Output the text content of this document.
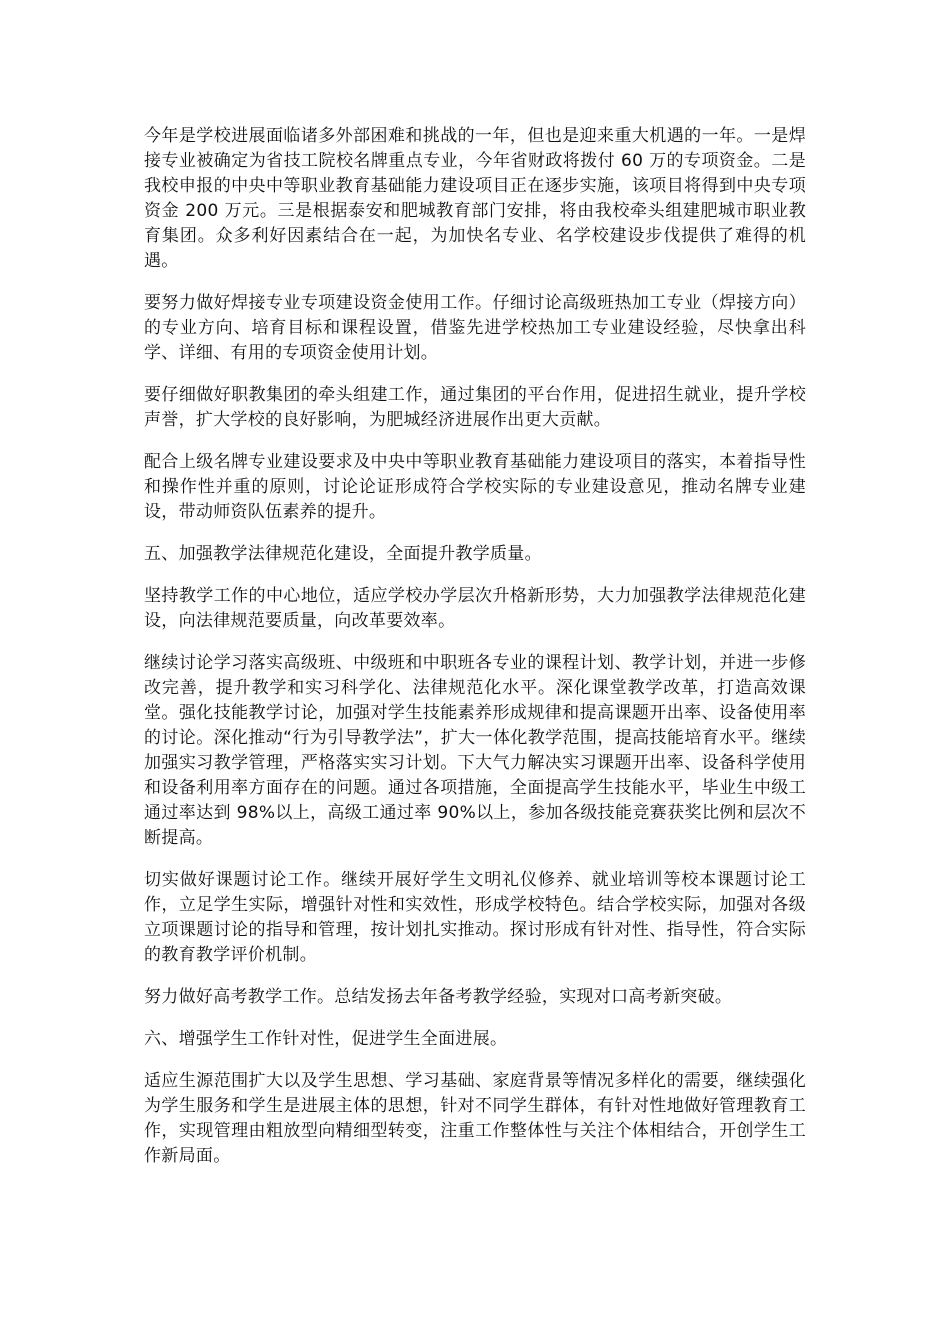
今年是学校进展面临诸多外部困难和挑战的一年，但也是迎来重大机遇的一年。一是焊接专业被确定为省技工院校名牌重点专业，今年省财政将拨付 60 万的专项资金。二是我校申报的中央中等职业教育基础能力建设项目正在逐步实施，该项目将得到中央专项资金 200 万元。三是根据泰安和肥城教育部门安排，将由我校牵头组建肥城市职业教育集团。众多利好因素结合在一起，为加快名专业、名学校建设步伐提供了难得的机遇。

要努力做好焊接专业专项建设资金使用工作。仔细讨论高级班热加工专业（焊接方向）的专业方向、培育目标和课程设置，借鉴先进学校热加工专业建设经验，尽快拿出科学、详细、有用的专项资金使用计划。

要仔细做好职教集团的牵头组建工作，通过集团的平台作用，促进招生就业，提升学校声誉，扩大学校的良好影响，为肥城经济进展作出更大贡献。

配合上级名牌专业建设要求及中央中等职业教育基础能力建设项目的落实，本着指导性和操作性并重的原则，讨论论证形成符合学校实际的专业建设意见，推动名牌专业建设，带动师资队伍素养的提升。

五、加强教学法律规范化建设，全面提升教学质量。

坚持教学工作的中心地位，适应学校办学层次升格新形势，大力加强教学法律规范化建设，向法律规范要质量，向改革要效率。

继续讨论学习落实高级班、中级班和中职班各专业的课程计划、教学计划，并进一步修改完善，提升教学和实习科学化、法律规范化水平。深化课堂教学改革，打造高效课堂。强化技能教学讨论，加强对学生技能素养形成规律和提高课题开出率、设备使用率的讨论。深化推动“行为引导教学法”，扩大一体化教学范围，提高技能培育水平。继续加强实习教学管理，严格落实实习计划。下大气力解决实习课题开出率、设备科学使用和设备利用率方面存在的问题。通过各项措施，全面提高学生技能水平，毕业生中级工通过率达到 98%以上，高级工通过率 90%以上，参加各级技能竞赛获奖比例和层次不断提高。

切实做好课题讨论工作。继续开展好学生文明礼仪修养、就业培训等校本课题讨论工作，立足学生实际，增强针对性和实效性，形成学校特色。结合学校实际，加强对各级立项课题讨论的指导和管理，按计划扎实推动。探讨形成有针对性、指导性，符合实际的教育教学评价机制。

努力做好高考教学工作。总结发扬去年备考教学经验，实现对口高考新突破。

六、增强学生工作针对性，促进学生全面进展。

适应生源范围扩大以及学生思想、学习基础、家庭背景等情况多样化的需要，继续强化为学生服务和学生是进展主体的思想，针对不同学生群体，有针对性地做好管理教育工作，实现管理由粗放型向精细型转变，注重工作整体性与关注个体相结合，开创学生工作新局面。
